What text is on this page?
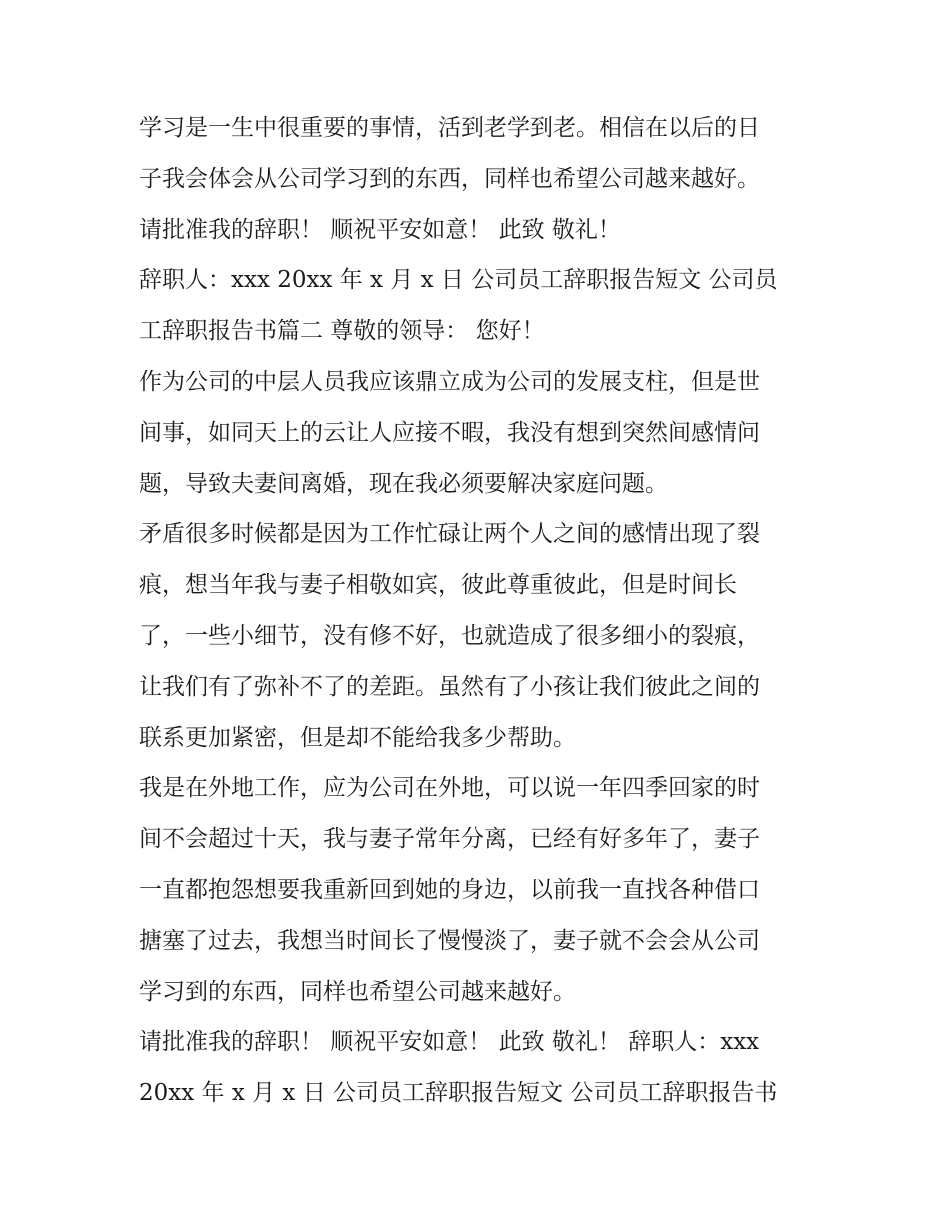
学习是一生中很重要的事情，活到老学到老。相信在以后的日
子我会体会从公司学习到的东西，同样也希望公司越来越好。
请批准我的辞职！ 顺祝平安如意！ 此致 敬礼！
辞职人：xxx 20xx 年 x 月 x 日 公司员工辞职报告短文 公司员
工辞职报告书篇二 尊敬的领导： 您好！
作为公司的中层人员我应该鼎立成为公司的发展支柱，但是世
间事，如同天上的云让人应接不暇，我没有想到突然间感情问
题，导致夫妻间离婚，现在我必须要解决家庭问题。
矛盾很多时候都是因为工作忙碌让两个人之间的感情出现了裂
痕，想当年我与妻子相敬如宾，彼此尊重彼此，但是时间长
了，一些小细节，没有修不好，也就造成了很多细小的裂痕，
让我们有了弥补不了的差距。虽然有了小孩让我们彼此之间的
联系更加紧密，但是却不能给我多少帮助。
我是在外地工作，应为公司在外地，可以说一年四季回家的时
间不会超过十天，我与妻子常年分离，已经有好多年了，妻子
一直都抱怨想要我重新回到她的身边，以前我一直找各种借口
搪塞了过去，我想当时间长了慢慢淡了，妻子就不会会从公司
学习到的东西，同样也希望公司越来越好。
请批准我的辞职！ 顺祝平安如意！ 此致 敬礼！ 辞职人：xxx
20xx 年 x 月 x 日 公司员工辞职报告短文 公司员工辞职报告书
